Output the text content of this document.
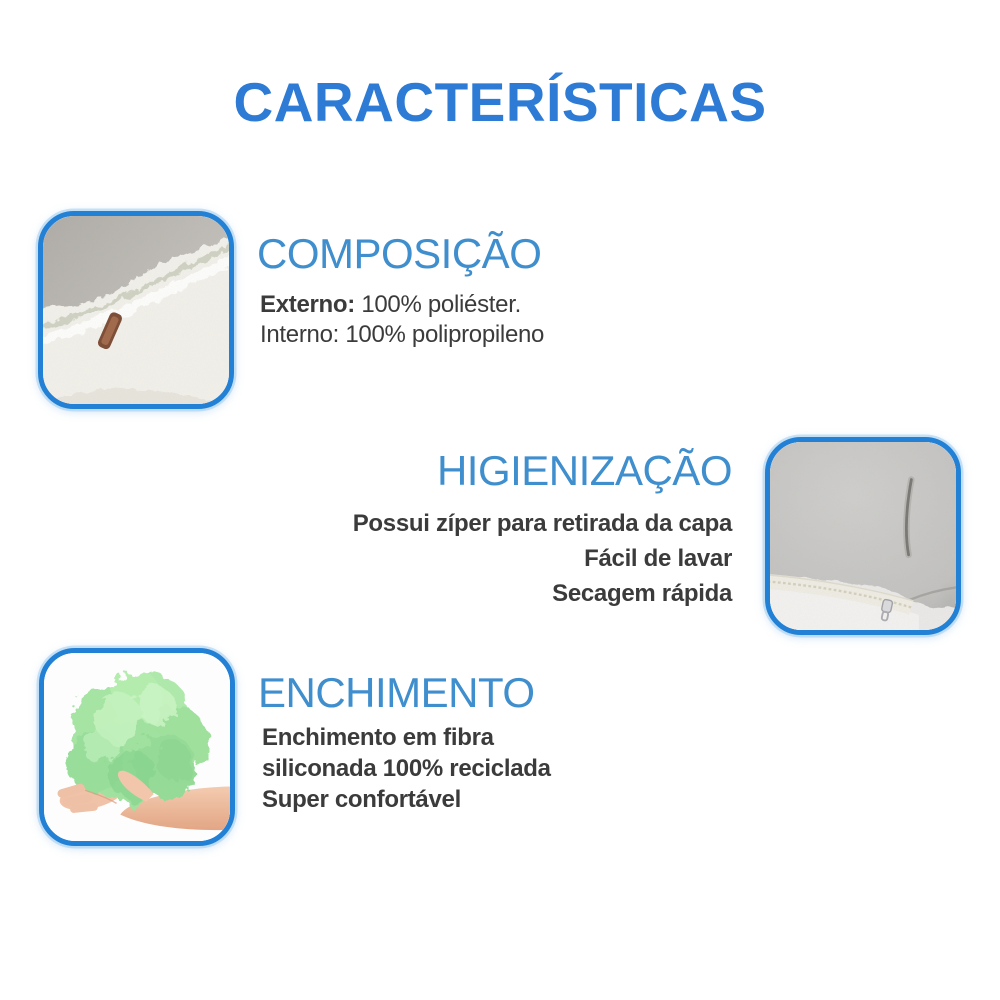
CARACTERÍSTICAS
COMPOSIÇÃO
Externo: 100% poliéster.
Interno: 100% polipropileno
HIGIENIZAÇÃO
Possui zíper para retirada da capa
Fácil de lavar
Secagem rápida
ENCHIMENTO
Enchimento em fibra
siliconada 100% reciclada
Super confortável
